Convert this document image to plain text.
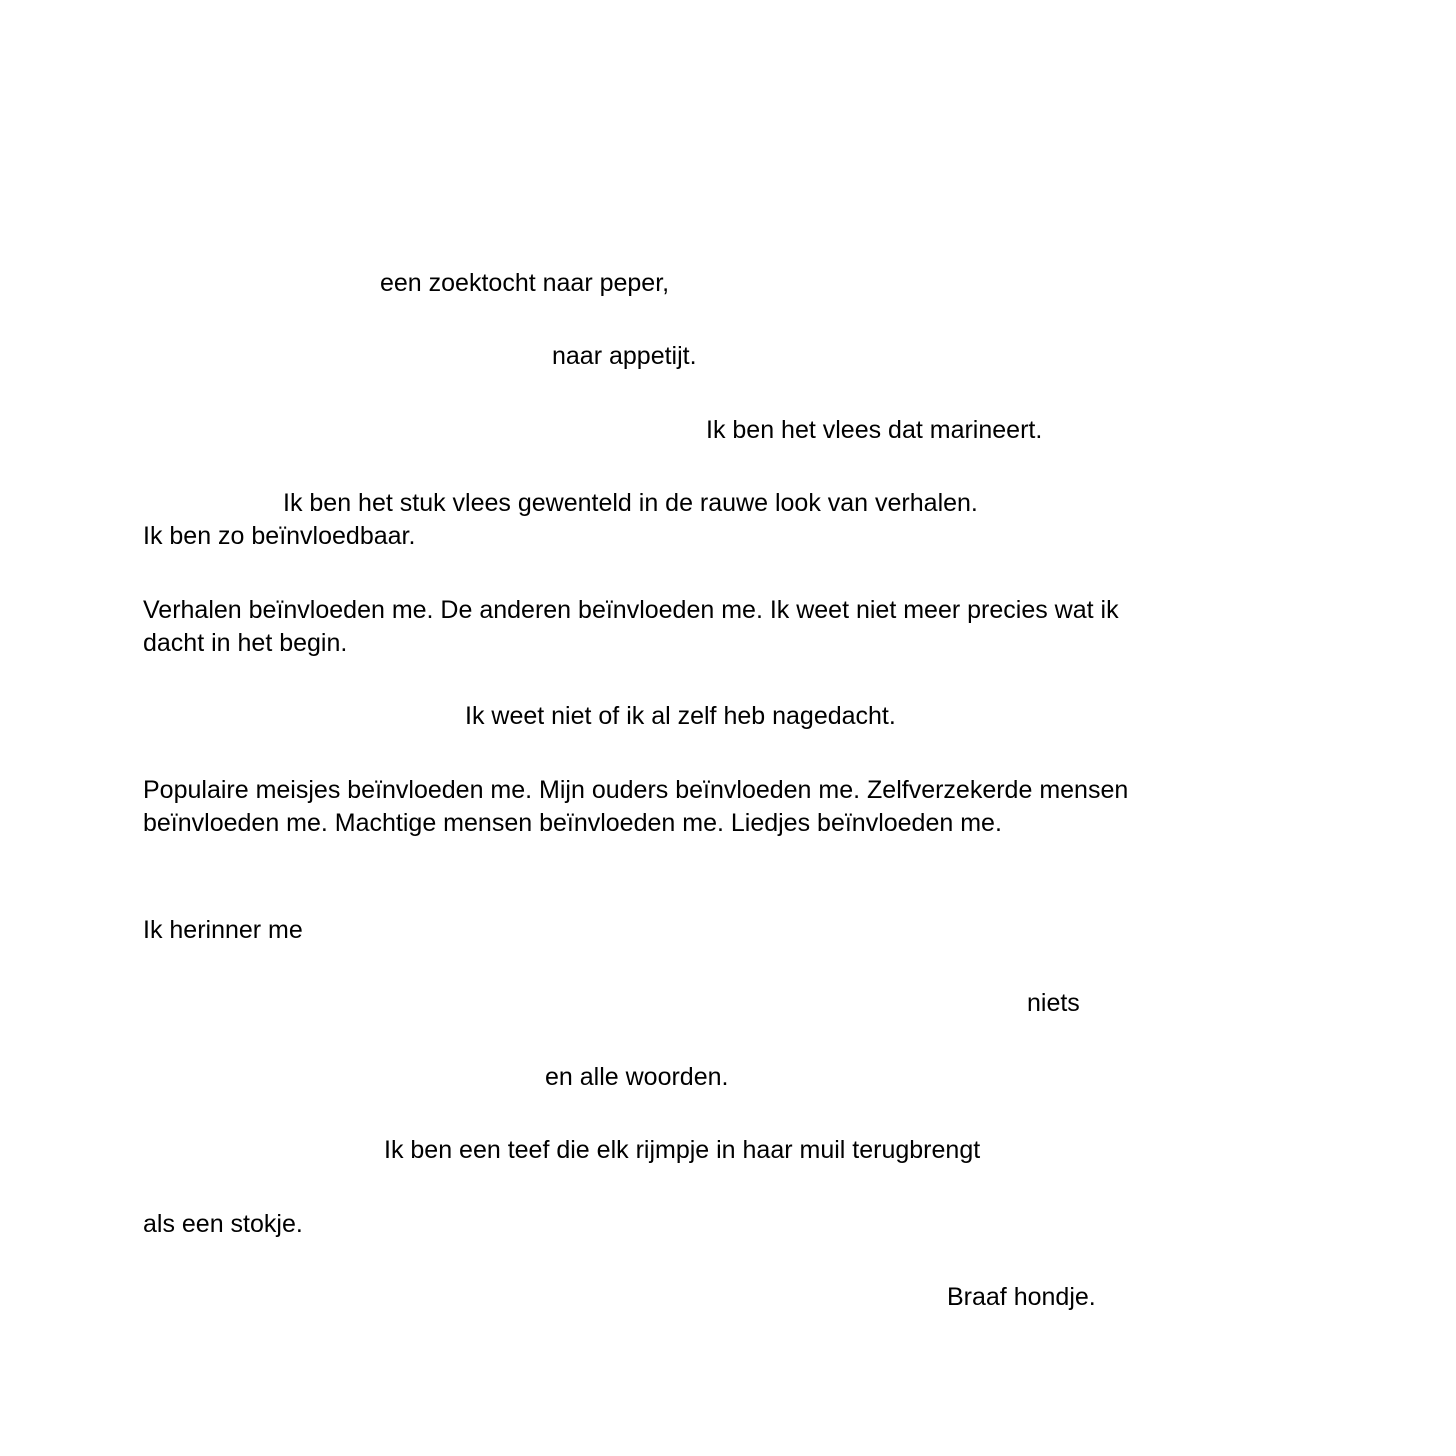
een zoektocht naar peper,

naar appetijt.

Ik ben het vlees dat marineert.

Ik ben het stuk vlees gewenteld in de rauwe look van verhalen.

Ik ben zo beïnvloedbaar.

Verhalen beïnvloeden me. De anderen beïnvloeden me. Ik weet niet meer precies wat ik dacht in het begin.

Ik weet niet of ik al zelf heb nagedacht.

Populaire meisjes beïnvloeden me. Mijn ouders beïnvloeden me. Zelfverzekerde mensen beïnvloeden me. Machtige mensen beïnvloeden me. Liedjes beïnvloeden me.

Ik herinner me

niets

en alle woorden.

Ik ben een teef die elk rijmpje in haar muil terugbrengt

als een stokje.

Braaf hondje.
